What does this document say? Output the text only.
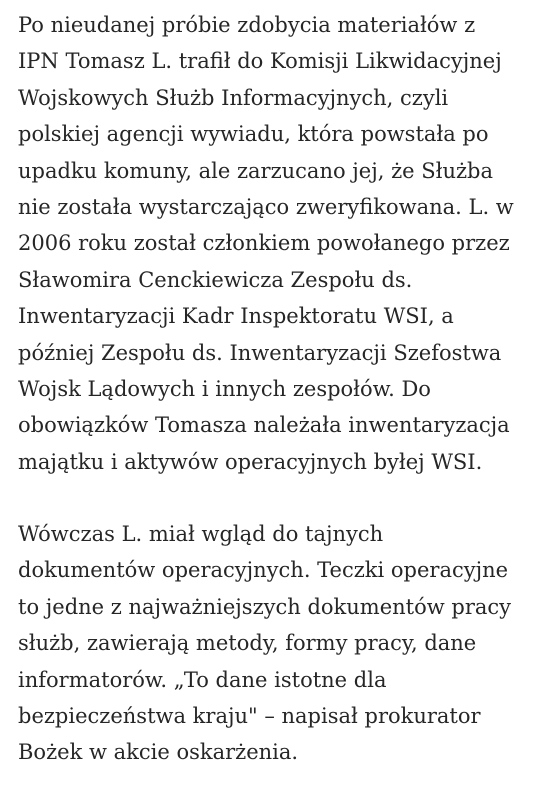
Po nieudanej próbie zdobycia materiałów z
IPN Tomasz L. trafił do Komisji Likwidacyjnej
Wojskowych Służb Informacyjnych, czyli
polskiej agencji wywiadu, która powstała po
upadku komuny, ale zarzucano jej, że Służba
nie została wystarczająco zweryfikowana. L. w
2006 roku został członkiem powołanego przez
Sławomira Cenckiewicza Zespołu ds.
Inwentaryzacji Kadr Inspektoratu WSI, a
później Zespołu ds. Inwentaryzacji Szefostwa
Wojsk Lądowych i innych zespołów. Do
obowiązków Tomasza należała inwentaryzacja
majątku i aktywów operacyjnych byłej WSI.

Wówczas L. miał wgląd do tajnych
dokumentów operacyjnych. Teczki operacyjne
to jedne z najważniejszych dokumentów pracy
służb, zawierają metody, formy pracy, dane
informatorów. „To dane istotne dla
bezpieczeństwa kraju" – napisał prokurator
Bożek w akcie oskarżenia.
